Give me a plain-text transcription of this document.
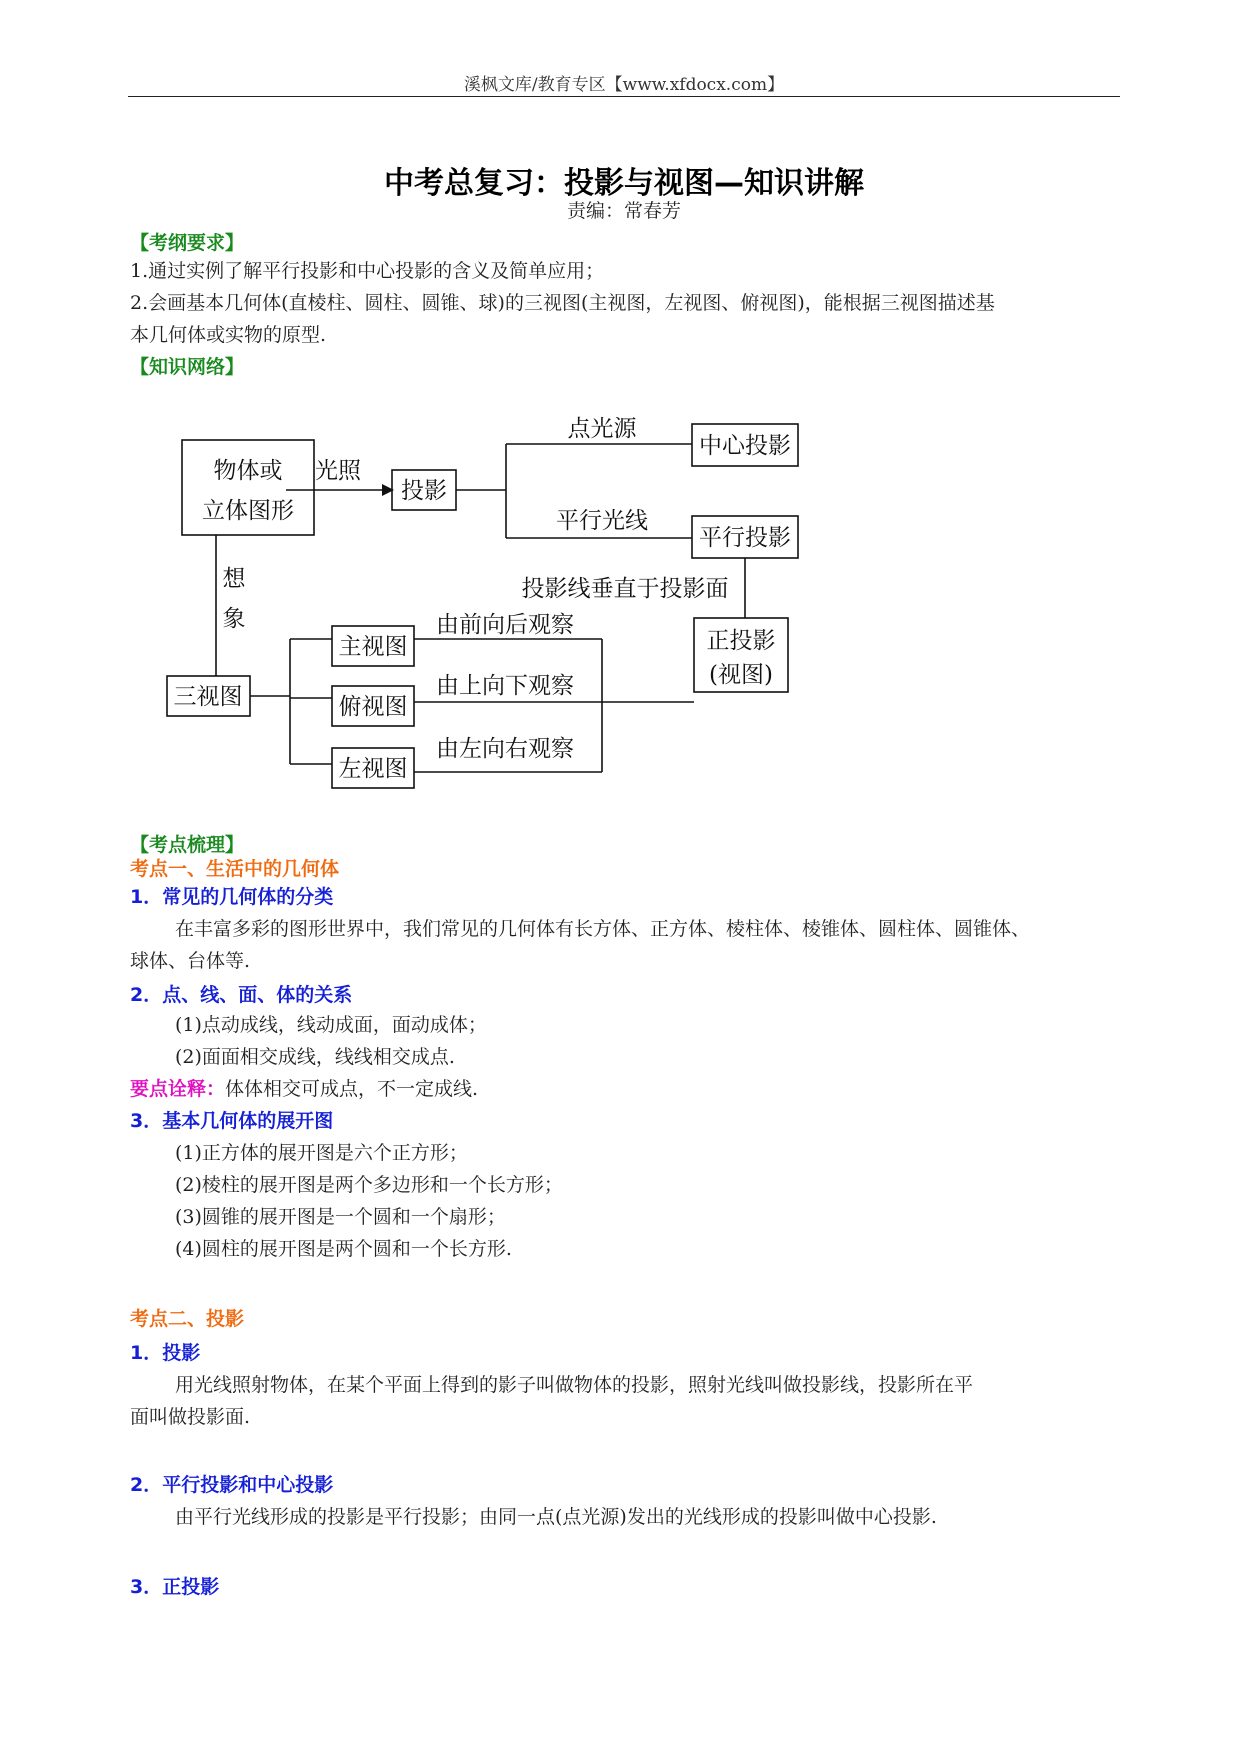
溪枫文库/教育专区【www.xfdocx.com】
中考总复习：投影与视图—知识讲解
责编：常春芳
【考纲要求】
1.通过实例了解平行投影和中心投影的含义及简单应用；
2.会画基本几何体(直棱柱、圆柱、圆锥、球)的三视图(主视图，左视图、俯视图)，能根据三视图描述基
本几何体或实物的原型.
【知识网络】
物体或
立体图形
光照
投影
点光源
中心投影
平行光线
平行投影
投影线垂直于投影面
想
象
三视图
主视图
俯视图
左视图
由前向后观察
由上向下观察
由左向右观察
正投影
(视图)
【考点梳理】
考点一、生活中的几何体
1．常见的几何体的分类
在丰富多彩的图形世界中，我们常见的几何体有长方体、正方体、棱柱体、棱锥体、圆柱体、圆锥体、
球体、台体等.
2．点、线、面、体的关系
(1)点动成线，线动成面，面动成体；
(2)面面相交成线，线线相交成点.
要点诠释：体体相交可成点，不一定成线.
3．基本几何体的展开图
(1)正方体的展开图是六个正方形；
(2)棱柱的展开图是两个多边形和一个长方形；
(3)圆锥的展开图是一个圆和一个扇形；
(4)圆柱的展开图是两个圆和一个长方形.
考点二、投影
1．投影
用光线照射物体，在某个平面上得到的影子叫做物体的投影，照射光线叫做投影线，投影所在平
面叫做投影面.
2．平行投影和中心投影
由平行光线形成的投影是平行投影；由同一点(点光源)发出的光线形成的投影叫做中心投影.
3．正投影
